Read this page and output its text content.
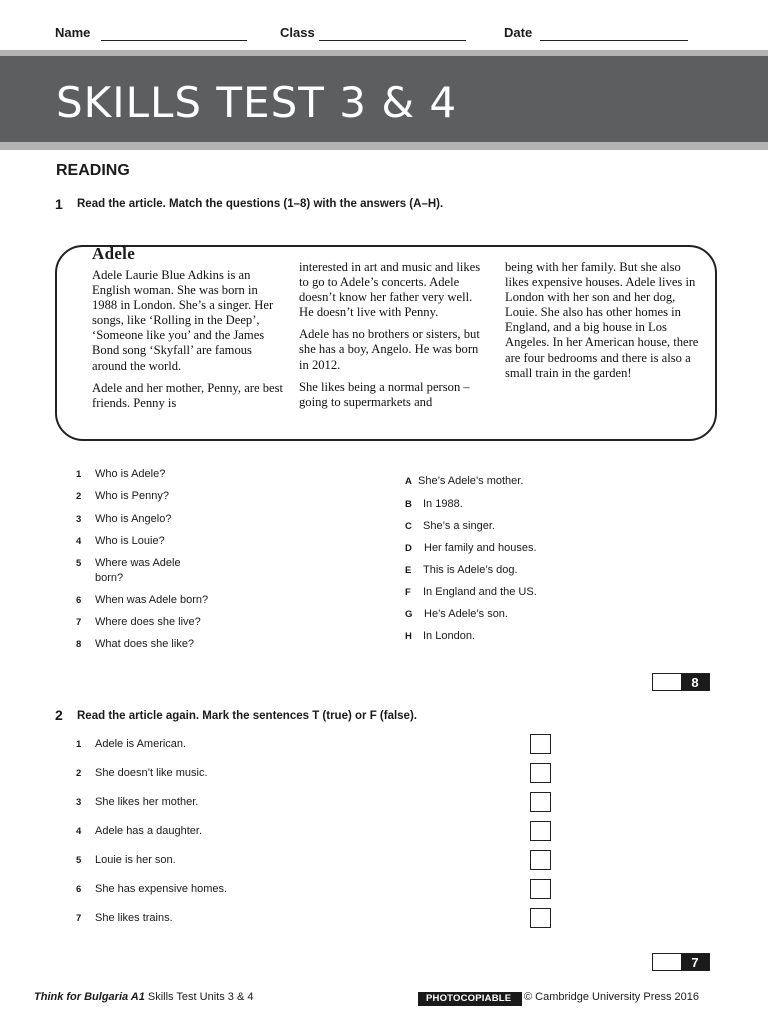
Name	Class	Date
SKILLS TEST 3 & 4
READING
1 Read the article. Match the questions (1–8) with the answers (A–H).
Adele

Adele Laurie Blue Adkins is an English woman. She was born in 1988 in London. She’s a singer. Her songs, like ‘Rolling in the Deep’, ‘Someone like you’ and the James Bond song ‘Skyfall’ are famous around the world.

Adele and her mother, Penny, are best friends. Penny is

interested in art and music and likes to go to Adele’s concerts. Adele doesn’t know her father very well. He doesn’t live with Penny.

Adele has no brothers or sisters, but she has a boy, Angelo. He was born in 2012.

She likes being a normal person – going to supermarkets and

being with her family. But she also likes expensive houses. Adele lives in London with her son and her dog, Louie. She also has other homes in England, and a big house in Los Angeles. In her American house, there are four bedrooms and there is also a small train in the garden!

1	Who is Adele?
2	Who is Penny?
3	Who is Angelo?
4	Who is Louie?
5	Where was Adele born?
6	When was Adele born?
7	Where does she live?
8	What does she like?
A She’s Adele’s mother.
B In 1988.
C She’s a singer.
D Her family and houses.
E This is Adele’s dog.
F In England and the US.
G He’s Adele’s son.
H In London.
8
2 Read the article again. Mark the sentences T (true) or F (false).
1	Adele is American.
2	She doesn’t like music.
3	She likes her mother.
4	Adele has a daughter.
5	Louie is her son.
6	She has expensive homes.
7	She likes trains.
7
Think for Bulgaria A1 Skills Test Units 3 & 4	PHOTOCOPIABLE	© Cambridge University Press 2016
